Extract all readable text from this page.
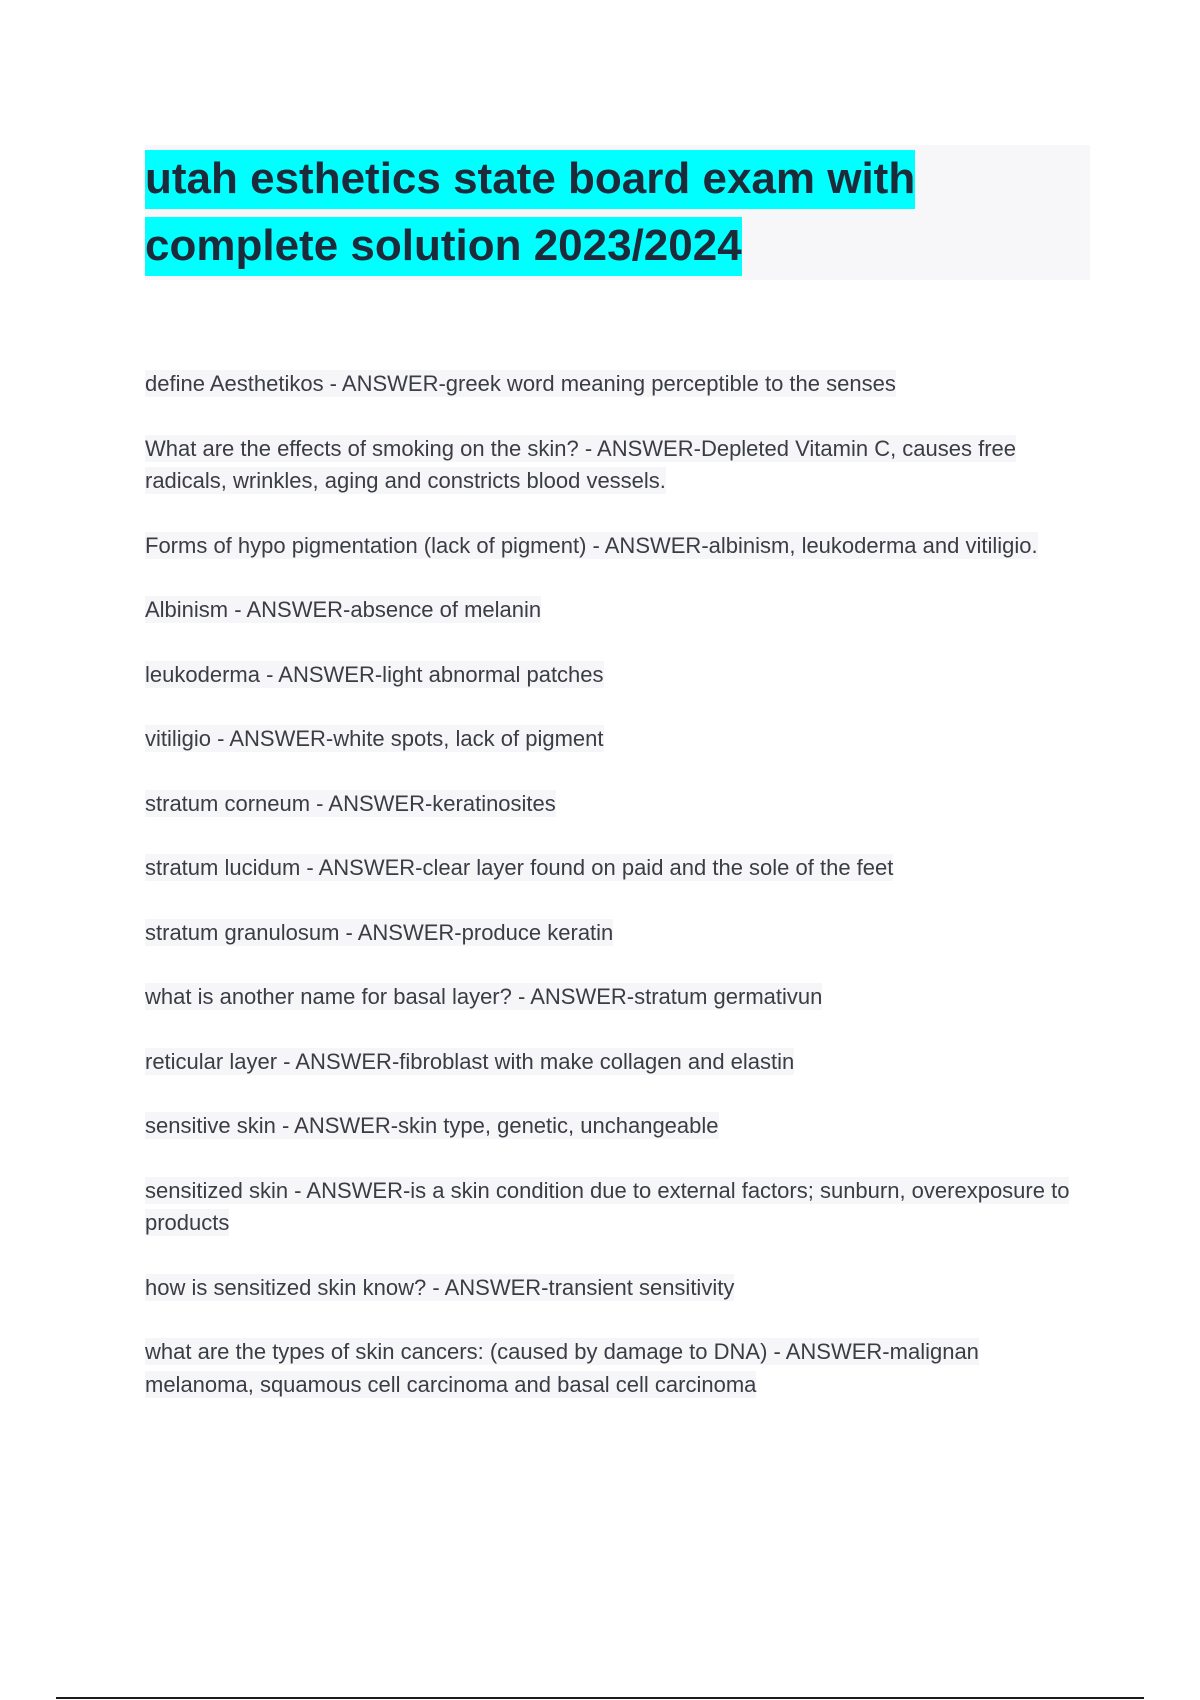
utah esthetics state board exam with complete solution 2023/2024
define Aesthetikos - ANSWER-greek word meaning perceptible to the senses
What are the effects of smoking on the skin? - ANSWER-Depleted Vitamin C, causes free radicals, wrinkles, aging and constricts blood vessels.
Forms of hypo pigmentation (lack of pigment) - ANSWER-albinism, leukoderma and vitiligio.
Albinism - ANSWER-absence of melanin
leukoderma - ANSWER-light abnormal patches
vitiligio - ANSWER-white spots, lack of pigment
stratum corneum - ANSWER-keratinosites
stratum lucidum - ANSWER-clear layer found on paid and the sole of the feet
stratum granulosum - ANSWER-produce keratin
what is another name for basal layer? - ANSWER-stratum germativun
reticular layer - ANSWER-fibroblast with make collagen and elastin
sensitive skin - ANSWER-skin type, genetic, unchangeable
sensitized skin - ANSWER-is a skin condition due to external factors; sunburn, overexposure to products
how is sensitized skin know? - ANSWER-transient sensitivity
what are the types of skin cancers: (caused by damage to DNA) - ANSWER-malignan melanoma, squamous cell carcinoma and basal cell carcinoma
